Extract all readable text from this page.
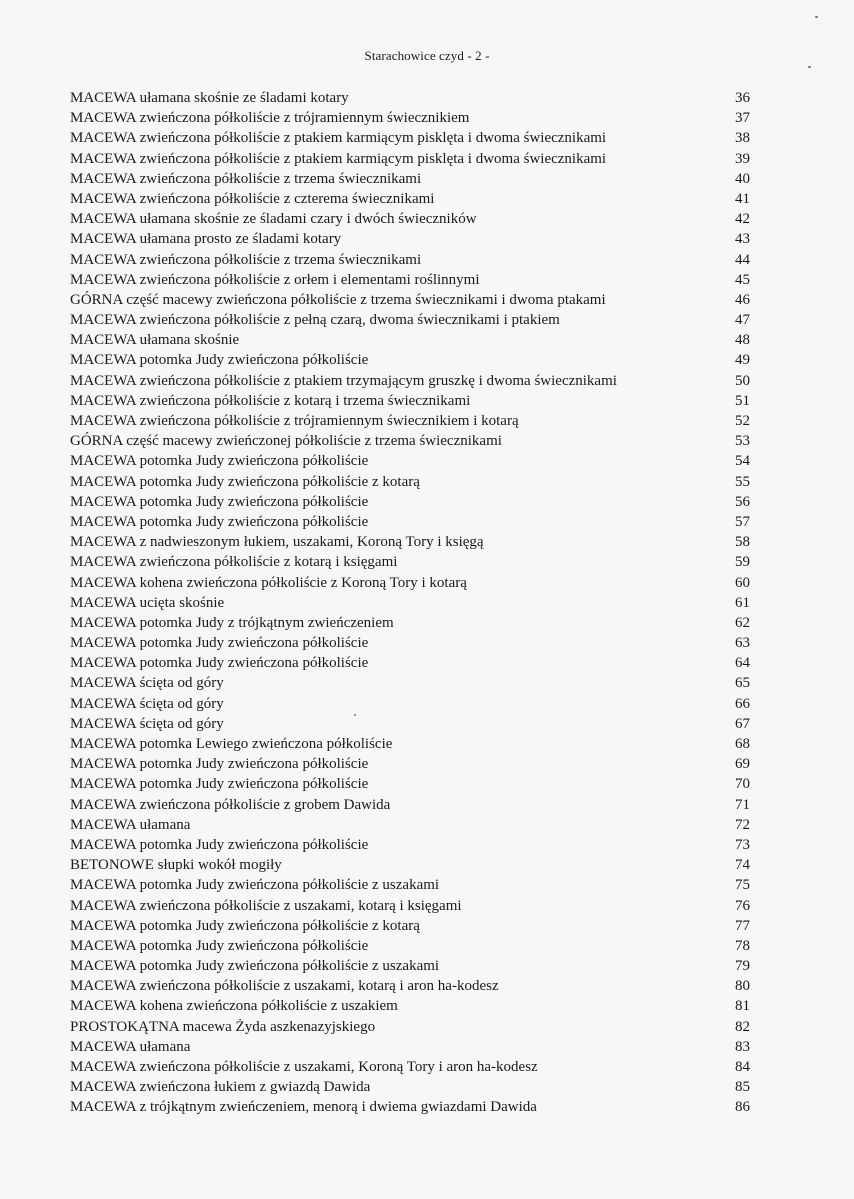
Starachowice czyd - 2 -
MACEWA ułamana skośnie ze śladami kotary	36
MACEWA zwieńczona półkoliście z trójramiennym świecznikiem	37
MACEWA zwieńczona półkoliście z ptakiem karmiącym pisklęta i dwoma świecznikami	38
MACEWA zwieńczona półkoliście z ptakiem karmiącym pisklęta i dwoma świecznikami	39
MACEWA zwieńczona półkoliście z trzema świecznikami	40
MACEWA zwieńczona półkoliście z czterema świecznikami	41
MACEWA ułamana skośnie ze śladami czary i dwóch świeczników	42
MACEWA ułamana prosto ze śladami kotary	43
MACEWA zwieńczona półkoliście z trzema świecznikami	44
MACEWA zwieńczona półkoliście z orłem i elementami roślinnymi	45
GÓRNA część macewy zwieńczona półkoliście z trzema świecznikami i dwoma ptakami	46
MACEWA zwieńczona półkoliście z pełną czarą, dwoma świecznikami i ptakiem	47
MACEWA ułamana skośnie	48
MACEWA potomka Judy zwieńczona półkoliście	49
MACEWA zwieńczona półkoliście z ptakiem trzymającym gruszkę i dwoma świecznikami	50
MACEWA zwieńczona półkoliście z kotarą i trzema świecznikami	51
MACEWA zwieńczona półkoliście z trójramiennym świecznikiem i kotarą	52
GÓRNA część macewy zwieńczonej półkoliście z trzema świecznikami	53
MACEWA potomka Judy zwieńczona półkoliście	54
MACEWA potomka Judy zwieńczona półkoliście z kotarą	55
MACEWA potomka Judy zwieńczona półkoliście	56
MACEWA potomka Judy zwieńczona półkoliście	57
MACEWA z nadwieszonym łukiem, uszakami, Koroną Tory i księgą	58
MACEWA zwieńczona półkoliście z kotarą i księgami	59
MACEWA kohena zwieńczona półkoliście z Koroną Tory i kotarą	60
MACEWA ucięta skośnie	61
MACEWA potomka Judy z trójkątnym zwieńczeniem	62
MACEWA potomka Judy zwieńczona półkoliście	63
MACEWA potomka Judy zwieńczona półkoliście	64
MACEWA ścięta od góry	65
MACEWA ścięta od góry	66
MACEWA ścięta od góry	67
MACEWA potomka Lewiego zwieńczona półkoliście	68
MACEWA potomka Judy zwieńczona półkoliście	69
MACEWA potomka Judy zwieńczona półkoliście	70
MACEWA zwieńczona półkoliście z grobem Dawida	71
MACEWA ułamana	72
MACEWA potomka Judy zwieńczona półkoliście	73
BETONOWE słupki wokół mogiły	74
MACEWA potomka Judy zwieńczona półkoliście z uszakami	75
MACEWA zwieńczona półkoliście z uszakami, kotarą i księgami	76
MACEWA potomka Judy zwieńczona półkoliście z kotarą	77
MACEWA potomka Judy zwieńczona półkoliście	78
MACEWA potomka Judy zwieńczona półkoliście z uszakami	79
MACEWA zwieńczona półkoliście z uszakami, kotarą i aron ha-kodesz	80
MACEWA kohena zwieńczona półkoliście z uszakiem	81
PROSTOKĄTNA macewa Żyda aszkenazyjskiego	82
MACEWA ułamana	83
MACEWA zwieńczona półkoliście z uszakami, Koroną Tory i aron ha-kodesz	84
MACEWA zwieńczona łukiem z gwiazdą Dawida	85
MACEWA z trójkątnym zwieńczeniem, menorą i dwiema gwiazdami Dawida	86
